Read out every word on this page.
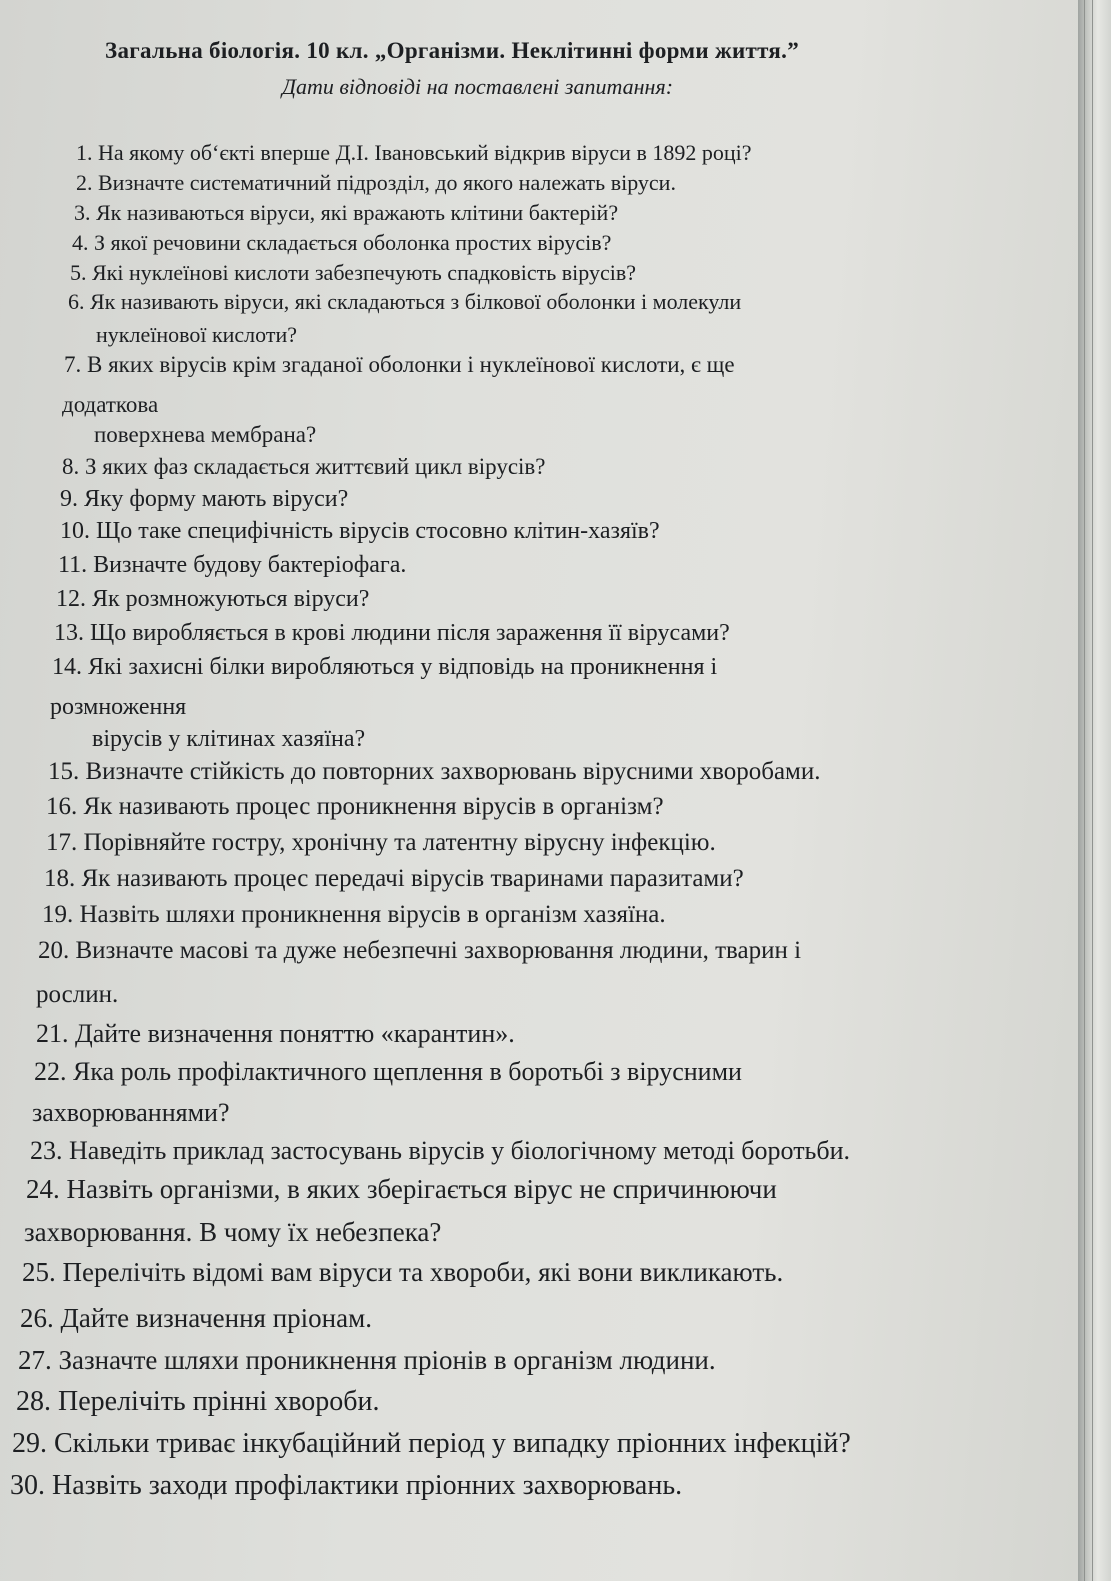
Загальна біологія. 10 кл. „Організми. Неклітинні форми життя.”
Дати відповіді на поставлені запитання:
1. На якому об‘єкті вперше Д.І. Івановський відкрив віруси в 1892 році?
2. Визначте систематичний підрозділ, до якого належать віруси.
3. Як називаються віруси, які вражають клітини бактерій?
4. З якої речовини складається оболонка простих вірусів?
5. Які нуклеїнові кислоти забезпечують спадковість вірусів?
6. Як називають віруси, які складаються з білкової оболонки і молекули
нуклеїнової кислоти?
7. В яких вірусів крім згаданої оболонки і нуклеїнової кислоти, є ще
додаткова
поверхнева мембрана?
8. З яких фаз складається життєвий цикл вірусів?
9. Яку форму мають віруси?
10. Що таке специфічність вірусів стосовно клітин-хазяїв?
11. Визначте будову бактеріофага.
12. Як розмножуються віруси?
13. Що виробляється в крові людини після зараження її вірусами?
14. Які захисні білки виробляються у відповідь на проникнення і
розмноження
вірусів у клітинах хазяїна?
15. Визначте стійкість до повторних захворювань вірусними хворобами.
16. Як називають процес проникнення вірусів в організм?
17. Порівняйте гостру, хронічну та латентну вірусну інфекцію.
18. Як називають процес передачі вірусів тваринами паразитами?
19. Назвіть шляхи проникнення вірусів в організм хазяїна.
20. Визначте масові та дуже небезпечні захворювання людини, тварин і
рослин.
21. Дайте визначення поняттю «карантин».
22. Яка роль профілактичного щеплення в боротьбі з вірусними
захворюваннями?
23. Наведіть приклад застосувань вірусів у біологічному методі боротьби.
24. Назвіть організми, в яких зберігається вірус не спричинюючи
захворювання. В чому їх небезпека?
25. Перелічіть відомі вам віруси та хвороби, які вони викликають.
26. Дайте визначення пріонам.
27. Зазначте шляхи проникнення пріонів в організм людини.
28. Перелічіть прінні хвороби.
29. Скільки триває інкубаційний період у випадку пріонних інфекцій?
30. Назвіть заходи профілактики пріонних захворювань.
